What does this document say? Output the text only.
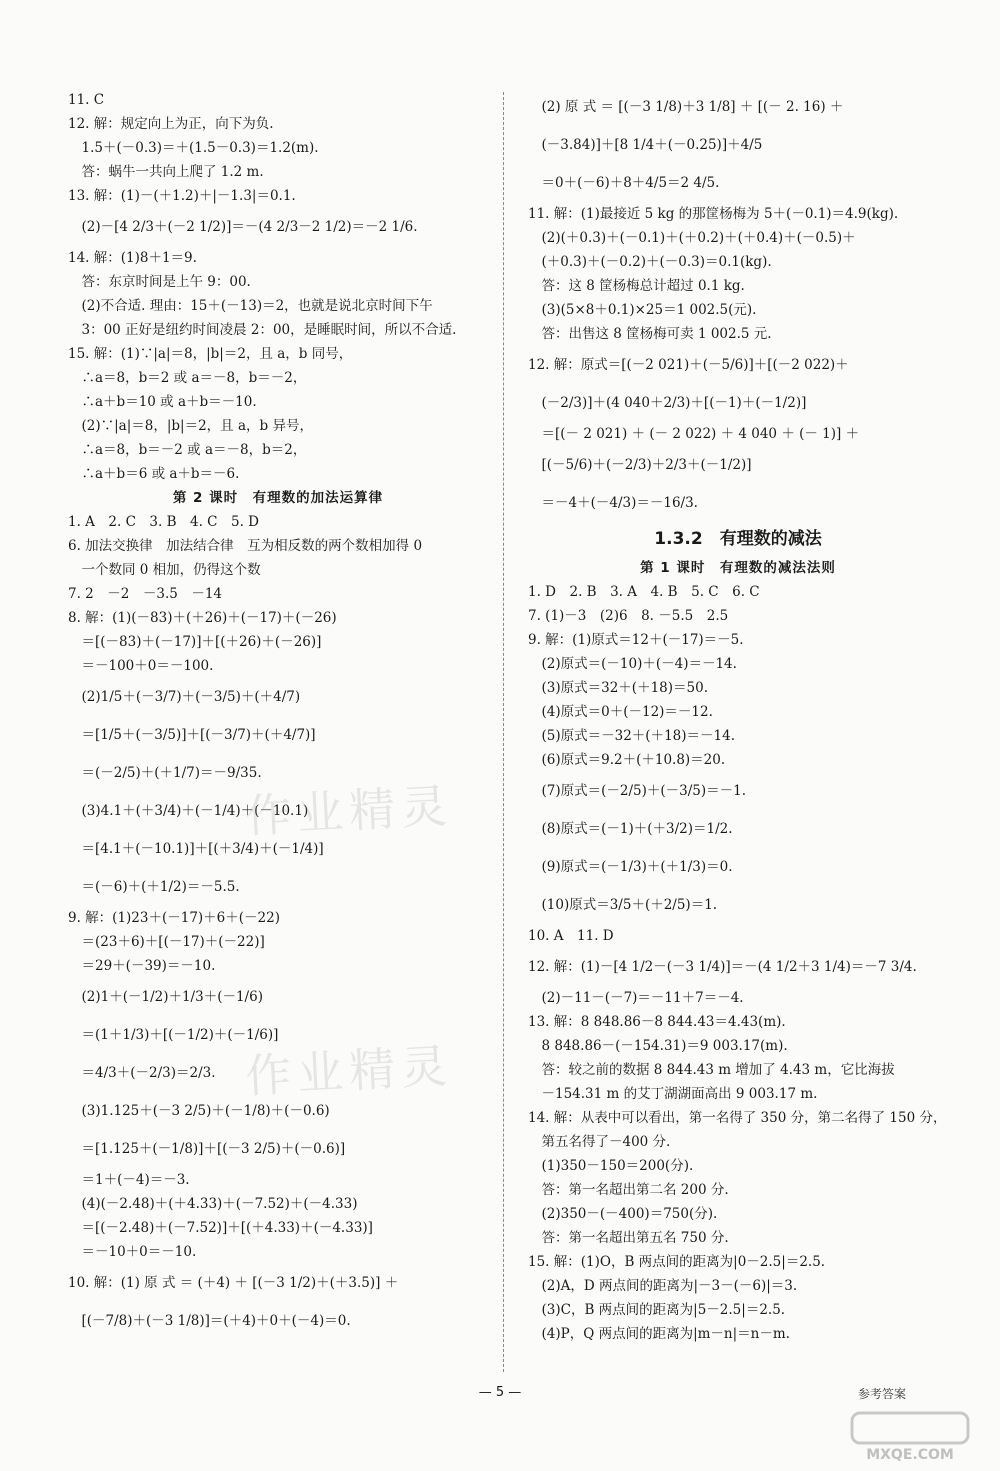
11. C
12. 解：规定向上为正，向下为负.
　1.5＋(－0.3)＝＋(1.5－0.3)＝1.2(m).
　答：蜗牛一共向上爬了 1.2 m.
13. 解：(1)－(＋1.2)＋|－1.3|＝0.1.
　(2)－[4 2/3＋(－2 1/2)]＝－(4 2/3－2 1/2)＝－2 1/6.
14. 解：(1)8＋1＝9.
　答：东京时间是上午 9：00.
　(2)不合适. 理由：15＋(－13)＝2，也就是说北京时间下午
　3：00 正好是纽约时间凌晨 2：00，是睡眠时间，所以不合适.
15. 解：(1)∵|a|＝8，|b|＝2，且 a，b 同号，
　∴a＝8，b＝2 或 a＝－8，b＝－2，
　∴a＋b＝10 或 a＋b＝－10.
　(2)∵|a|＝8，|b|＝2，且 a，b 异号，
　∴a＝8，b＝－2 或 a＝－8，b＝2，
　∴a＋b＝6 或 a＋b＝－6.
第 2 课时　有理数的加法运算律
1. A　2. C　3. B　4. C　5. D
6. 加法交换律　加法结合律　互为相反数的两个数相加得 0
　一个数同 0 相加，仍得这个数
7. 2　－2　－3.5　－14
8. 解：(1)(－83)＋(＋26)＋(－17)＋(－26)
　＝[(－83)＋(－17)]＋[(＋26)＋(－26)]
　＝－100＋0＝－100.
　(2)1/5＋(－3/7)＋(－3/5)＋(＋4/7)
　＝[1/5＋(－3/5)]＋[(－3/7)＋(＋4/7)]
　＝(－2/5)＋(＋1/7)＝－9/35.
　(3)4.1＋(＋3/4)＋(－1/4)＋(－10.1)
　＝[4.1＋(－10.1)]＋[(＋3/4)＋(－1/4)]
　＝(－6)＋(＋1/2)＝－5.5.
9. 解：(1)23＋(－17)＋6＋(－22)
　＝(23＋6)＋[(－17)＋(－22)]
　＝29＋(－39)＝－10.
　(2)1＋(－1/2)＋1/3＋(－1/6)
　＝(1＋1/3)＋[(－1/2)＋(－1/6)]
　＝4/3＋(－2/3)＝2/3.
　(3)1.125＋(－3 2/5)＋(－1/8)＋(－0.6)
　＝[1.125＋(－1/8)]＋[(－3 2/5)＋(－0.6)]
　＝1＋(－4)＝－3.
　(4)(－2.48)＋(＋4.33)＋(－7.52)＋(－4.33)
　＝[(－2.48)＋(－7.52)]＋[(＋4.33)＋(－4.33)]
　＝－10＋0＝－10.
10. 解：(1) 原 式 ＝ (＋4) ＋ [(－3 1/2)＋(＋3.5)] ＋
　[(－7/8)＋(－3 1/8)]＝(＋4)＋0＋(－4)＝0.
　(2) 原 式 ＝ [(－3 1/8)＋3 1/8] ＋ [(－ 2. 16) ＋
　(－3.84)]＋[8 1/4＋(－0.25)]＋4/5
　＝0＋(－6)＋8＋4/5＝2 4/5.
11. 解：(1)最接近 5 kg 的那筐杨梅为 5＋(－0.1)＝4.9(kg).
　(2)(＋0.3)＋(－0.1)＋(＋0.2)＋(＋0.4)＋(－0.5)＋
　(＋0.3)＋(－0.2)＋(－0.3)＝0.1(kg).
　答：这 8 筐杨梅总计超过 0.1 kg.
　(3)(5×8＋0.1)×25＝1 002.5(元).
　答：出售这 8 筐杨梅可卖 1 002.5 元.
12. 解：原式＝[(－2 021)＋(－5/6)]＋[(－2 022)＋
　(－2/3)]＋(4 040＋2/3)＋[(－1)＋(－1/2)]
　＝[(－ 2 021) ＋ (－ 2 022) ＋ 4 040 ＋ (－ 1)] ＋
　[(－5/6)＋(－2/3)＋2/3＋(－1/2)]
　＝－4＋(－4/3)＝－16/3.
1.3.2　有理数的减法
第 1 课时　有理数的减法法则
1. D　2. B　3. A　4. B　5. C　6. C
7. (1)－3　(2)6　8. －5.5　2.5
9. 解：(1)原式＝12＋(－17)＝－5.
　(2)原式＝(－10)＋(－4)＝－14.
　(3)原式＝32＋(＋18)＝50.
　(4)原式＝0＋(－12)＝－12.
　(5)原式＝－32＋(＋18)＝－14.
　(6)原式＝9.2＋(＋10.8)＝20.
　(7)原式＝(－2/5)＋(－3/5)＝－1.
　(8)原式＝(－1)＋(＋3/2)＝1/2.
　(9)原式＝(－1/3)＋(＋1/3)＝0.
　(10)原式＝3/5＋(＋2/5)＝1.
10. A　11. D
12. 解：(1)－[4 1/2－(－3 1/4)]＝－(4 1/2＋3 1/4)＝－7 3/4.
　(2)－11－(－7)＝－11＋7＝－4.
13. 解：8 848.86－8 844.43＝4.43(m).
　8 848.86－(－154.31)＝9 003.17(m).
　答：较之前的数据 8 844.43 m 增加了 4.43 m，它比海拔
　－154.31 m 的艾丁湖湖面高出 9 003.17 m.
14. 解：从表中可以看出，第一名得了 350 分，第二名得了 150 分，
　第五名得了－400 分.
　(1)350－150＝200(分).
　答：第一名超出第二名 200 分.
　(2)350－(－400)＝750(分).
　答：第一名超出第五名 750 分.
15. 解：(1)O，B 两点间的距离为|0－2.5|＝2.5.
　(2)A，D 两点间的距离为|－3－(－6)|＝3.
　(3)C，B 两点间的距离为|5－2.5|＝2.5.
　(4)P，Q 两点间的距离为|m－n|＝n－m.
作业精灵
作业精灵
— 5 —	参考答案
MXQE.COM
